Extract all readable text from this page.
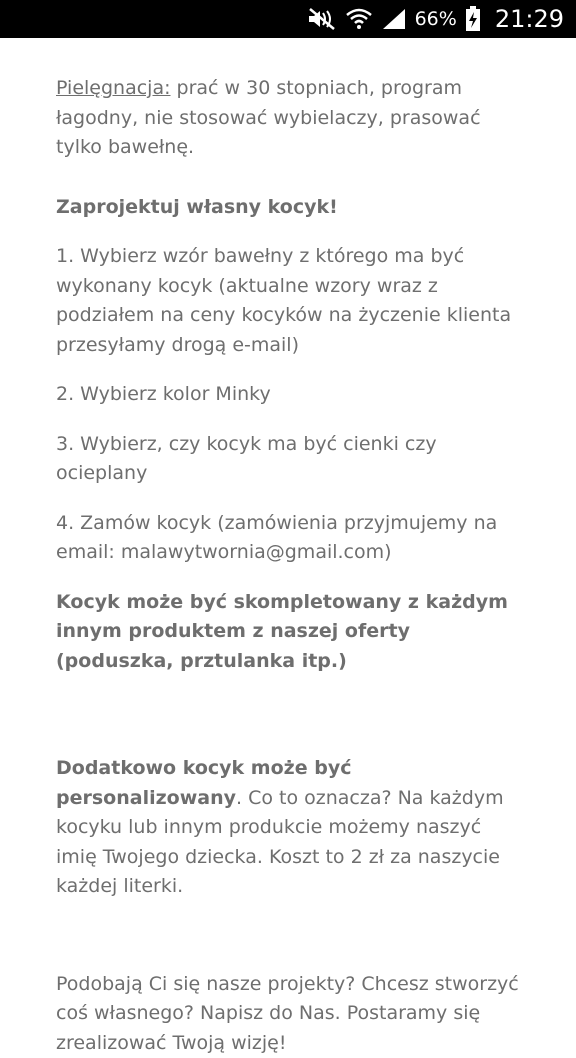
66% 21:29

Pielęgnacja: prać w 30 stopniach, program łagodny, nie stosować wybielaczy, prasować tylko bawełnę.

Zaprojektuj własny kocyk!

1. Wybierz wzór bawełny z którego ma być wykonany kocyk (aktualne wzory wraz z podziałem na ceny kocyków na życzenie klienta przesyłamy drogą e-mail)

2. Wybierz kolor Minky

3. Wybierz, czy kocyk ma być cienki czy ocieplany

4. Zamów kocyk (zamówienia przyjmujemy na email: malawytwornia@gmail.com)

Kocyk może być skompletowany z każdym innym produktem z naszej oferty (poduszka, prztulanka itp.)

Dodatkowo kocyk może być personalizowany. Co to oznacza? Na każdym kocyku lub innym produkcie możemy naszyć imię Twojego dziecka. Koszt to 2 zł za naszycie każdej literki.

Podobają Ci się nasze projekty? Chcesz stworzyć coś własnego? Napisz do Nas. Postaramy się zrealizować Twoją wizję!
